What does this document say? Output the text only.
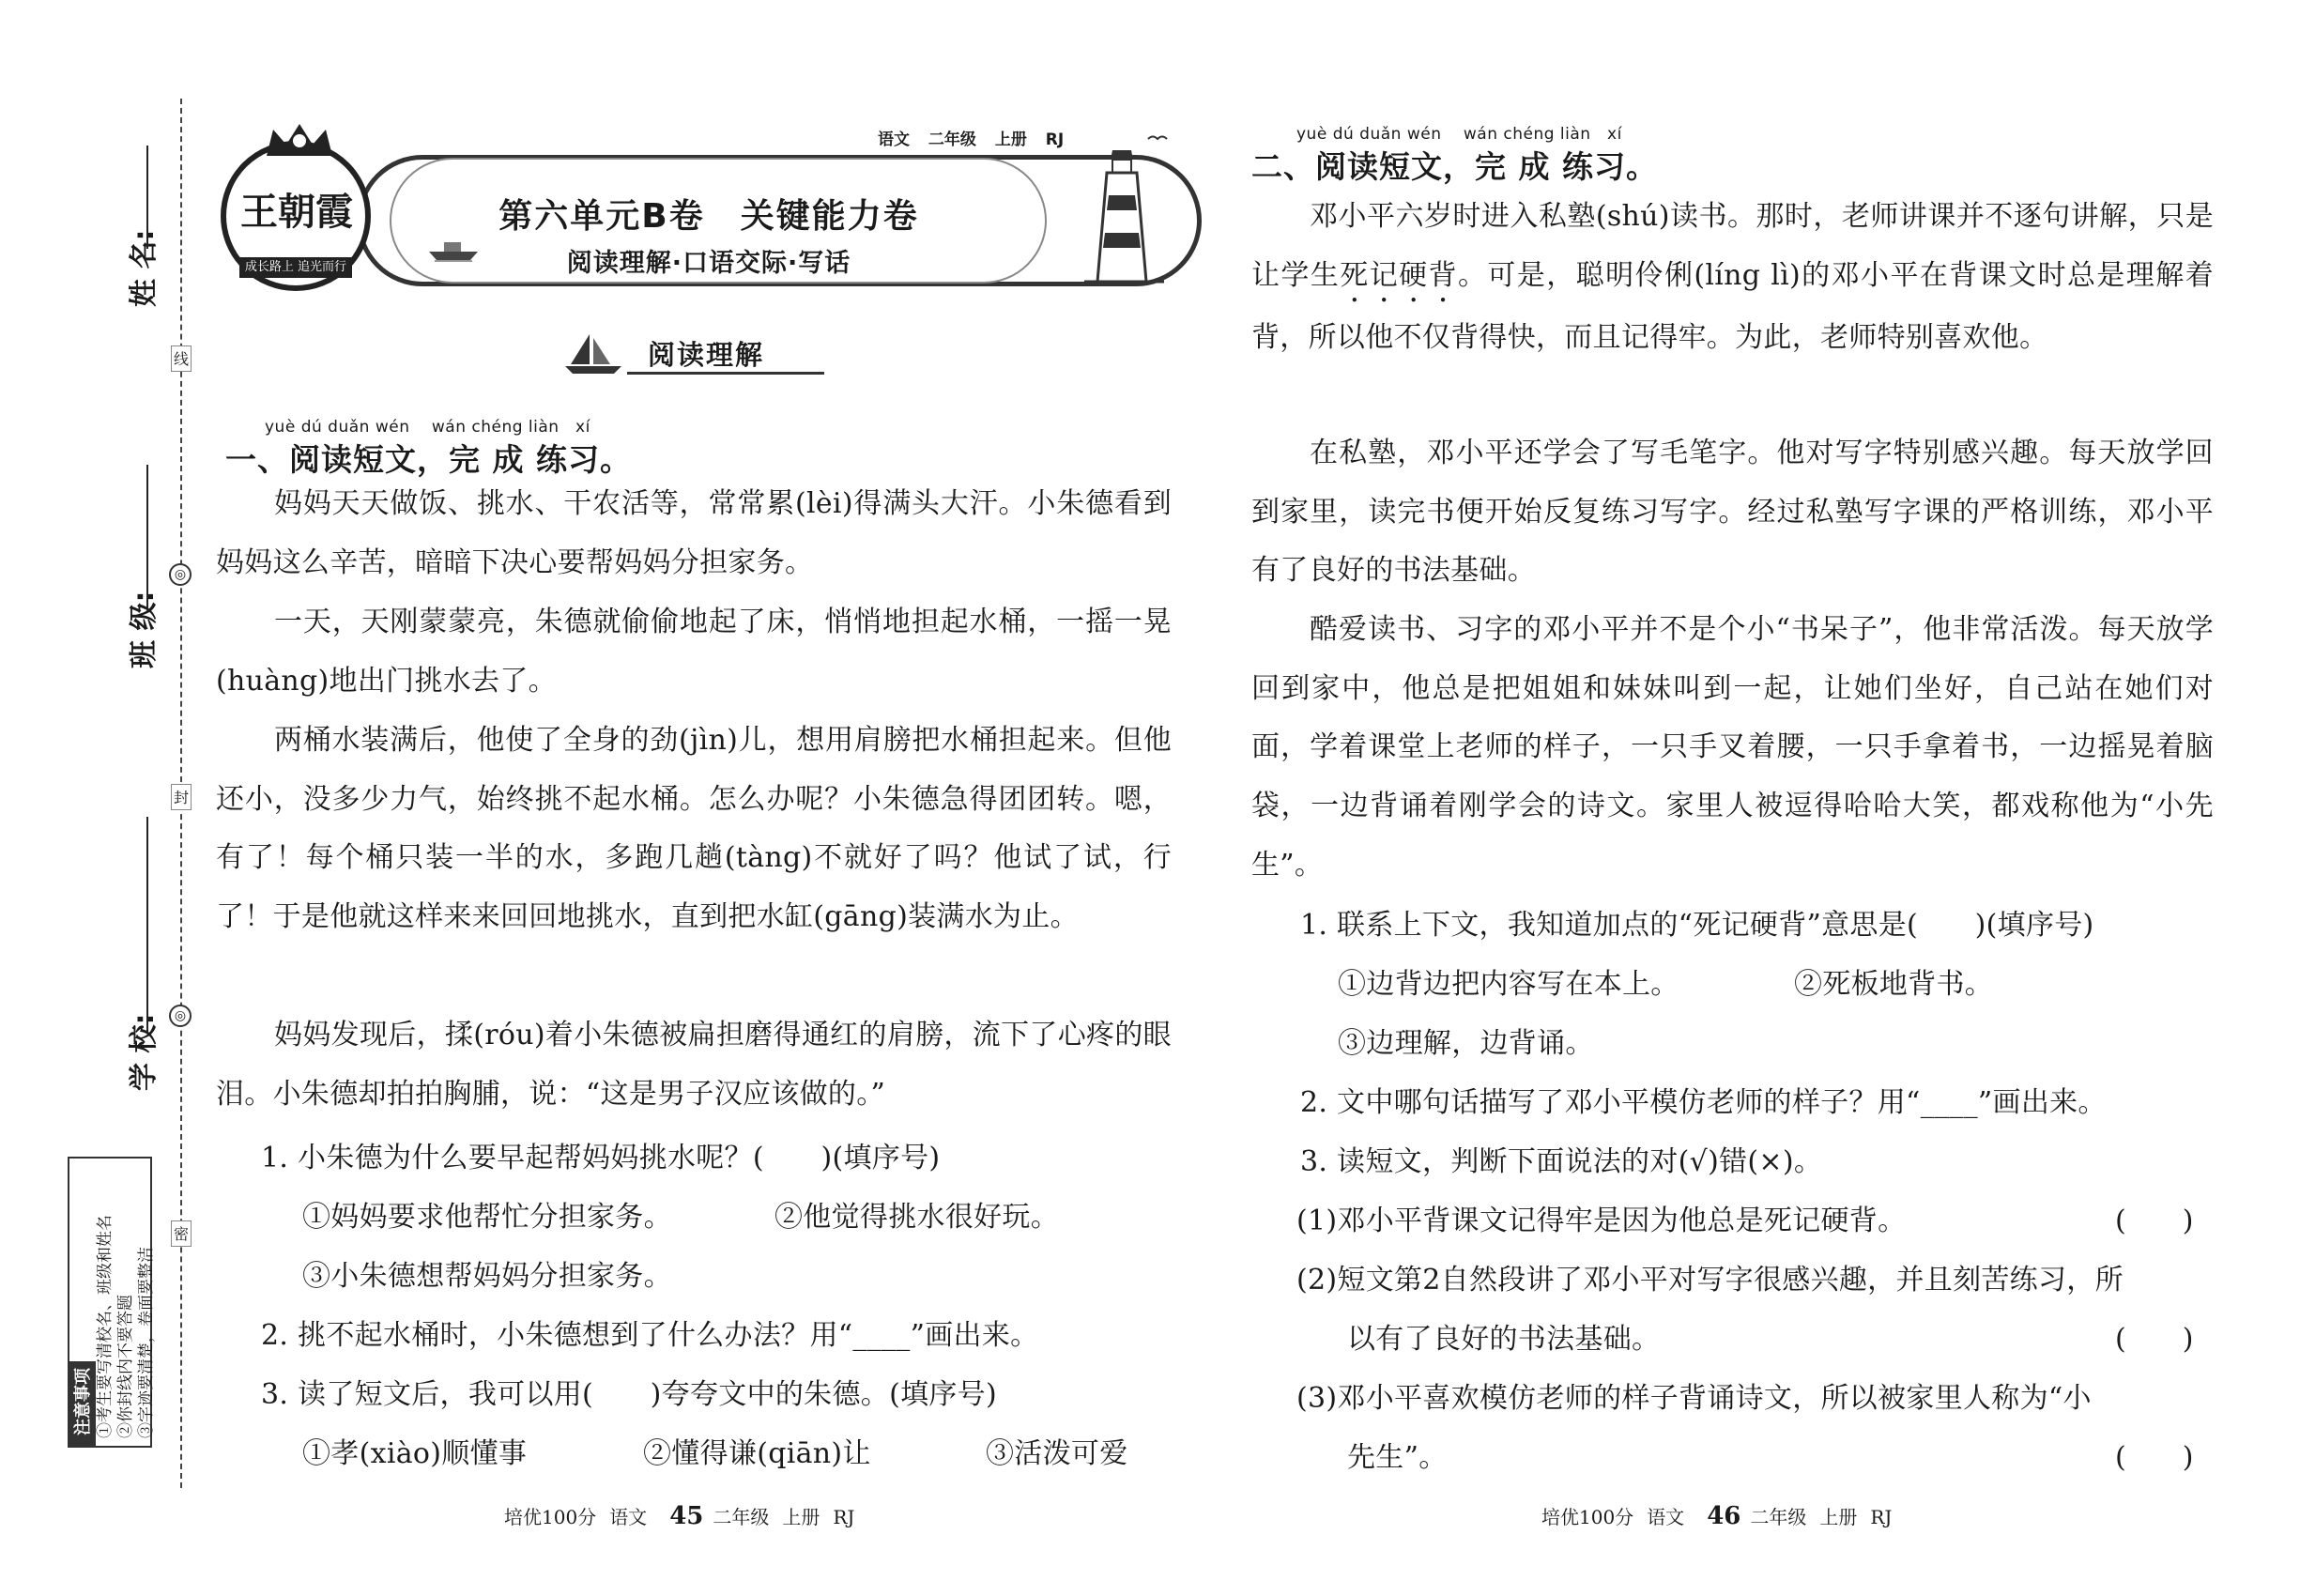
姓 名:
班 级:
学 校:
线
◎
封
◎
密
注意事项 ①考生要写清校名、班级和姓名 ②你封线内不要答题 ③字迹要清楚，卷面要整洁
语文 二年级 上册 RJ
王朝霞
成长路上 追光而行
第六单元B卷　关键能力卷
阅读理解·口语交际·写话
阅读理解
yuè dú duǎn wén　 wán chéng liàn　xí
一、阅读短文，完 成 练习。
妈妈天天做饭、挑水、干农活等，常常累(lèi)得满头大汗。小朱德看到妈妈这么辛苦，暗暗下决心要帮妈妈分担家务。
一天，天刚蒙蒙亮，朱德就偷偷地起了床，悄悄地担起水桶，一摇一晃(huàng)地出门挑水去了。
两桶水装满后，他使了全身的劲(jìn)儿，想用肩膀把水桶担起来。但他还小，没多少力气，始终挑不起水桶。怎么办呢？小朱德急得团团转。嗯，有了！每个桶只装一半的水，多跑几趟(tàng)不就好了吗？他试了试，行了！于是他就这样来来回回地挑水，直到把水缸(gāng)装满水为止。
妈妈发现后，揉(róu)着小朱德被扁担磨得通红的肩膀，流下了心疼的眼泪。小朱德却拍拍胸脯，说：“这是男子汉应该做的。”
1. 小朱德为什么要早起帮妈妈挑水呢？(　　)(填序号)
①妈妈要求他帮忙分担家务。	②他觉得挑水很好玩。
③小朱德想帮妈妈分担家务。
2. 挑不起水桶时，小朱德想到了什么办法？用“____”画出来。
3. 读了短文后，我可以用(　　)夸夸文中的朱德。(填序号)
①孝(xiào)顺懂事	②懂得谦(qiān)让	③活泼可爱
yuè dú duǎn wén　 wán chéng liàn　xí
二、阅读短文，完 成 练习。
邓小平六岁时进入私塾(shú)读书。那时，老师讲课并不逐句讲解，只是让学生死记硬背。可是，聪明伶俐(líng lì)的邓小平在背课文时总是理解着背，所以他不仅背得快，而且记得牢。为此，老师特别喜欢他。
在私塾，邓小平还学会了写毛笔字。他对写字特别感兴趣。每天放学回到家里，读完书便开始反复练习写字。经过私塾写字课的严格训练，邓小平有了良好的书法基础。
酷爱读书、习字的邓小平并不是个小“书呆子”，他非常活泼。每天放学回到家中，他总是把姐姐和妹妹叫到一起，让她们坐好，自己站在她们对面，学着课堂上老师的样子，一只手叉着腰，一只手拿着书，一边摇晃着脑袋，一边背诵着刚学会的诗文。家里人被逗得哈哈大笑，都戏称他为“小先生”。
1. 联系上下文，我知道加点的“死记硬背”意思是(　　)(填序号)
①边背边把内容写在本上。	②死板地背书。
③边理解，边背诵。
2. 文中哪句话描写了邓小平模仿老师的样子？用“____”画出来。
3. 读短文，判断下面说法的对(√)错(×)。
(1)邓小平背课文记得牢是因为他总是死记硬背。	(　　)
(2)短文第2自然段讲了邓小平对写字很感兴趣，并且刻苦练习，所
以有了良好的书法基础。	(　　)
(3)邓小平喜欢模仿老师的样子背诵诗文，所以被家里人称为“小
先生”。	(　　)
培优100分 语文 45 二年级 上册 RJ	培优100分 语文 46 二年级 上册 RJ
